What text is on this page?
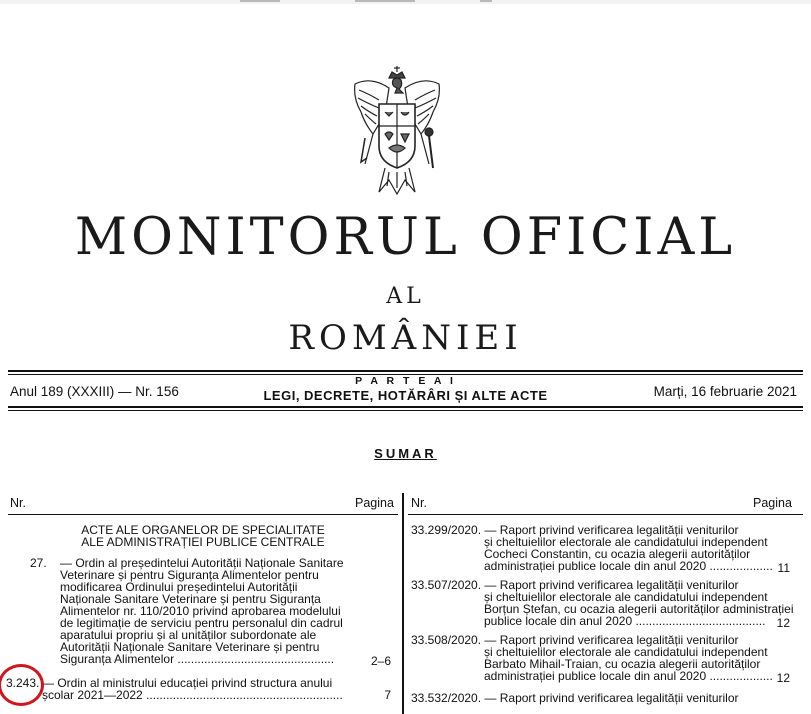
MONITORUL OFICIAL
AL
ROMÂNIEI
Anul 189 (XXXIII) — Nr. 156
P A R T E A I
LEGI, DECRETE, HOTĂRÂRI ȘI ALTE ACTE	Marți, 16 februarie 2021
SUMAR
Nr.	Pagina Nr.	Pagina
ACTE ALE ORGANELOR DE SPECIALITATE
ALE ADMINISTRAȚIEI PUBLICE CENTRALE
27. — Ordin al președintelui Autorității Naționale Sanitare
Veterinare și pentru Siguranța Alimentelor pentru
modificarea Ordinului președintelui Autorității
Naționale Sanitare Veterinare și pentru Siguranța
Alimentelor nr. 110/2010 privind aprobarea modelului
de legitimație de serviciu pentru personalul din cadrul
aparatului propriu și al unităților subordonate ale
Autorității Naționale Sanitare Veterinare și pentru
Siguranța Alimentelor ...............................................	2–6
3.243. — Ordin al ministrului educației privind structura anului
școlar 2021—2022 ...........................................................	7
33.299/2020. — Raport privind verificarea legalității veniturilor
și cheltuielilor electorale ale candidatului independent
Cocheci Constantin, cu ocazia alegerii autorităților
administrației publice locale din anul 2020 ................... 11
33.507/2020. — Raport privind verificarea legalității veniturilor
și cheltuielilor electorale ale candidatului independent
Borțun Ștefan, cu ocazia alegerii autorităților administrației
publice locale din anul 2020 ....................................... 12
33.508/2020. — Raport privind verificarea legalității veniturilor
și cheltuielilor electorale ale candidatului independent
Barbato Mihail-Traian, cu ocazia alegerii autorităților
administrației publice locale din anul 2020 ................... 12
33.532/2020. — Raport privind verificarea legalității veniturilor
